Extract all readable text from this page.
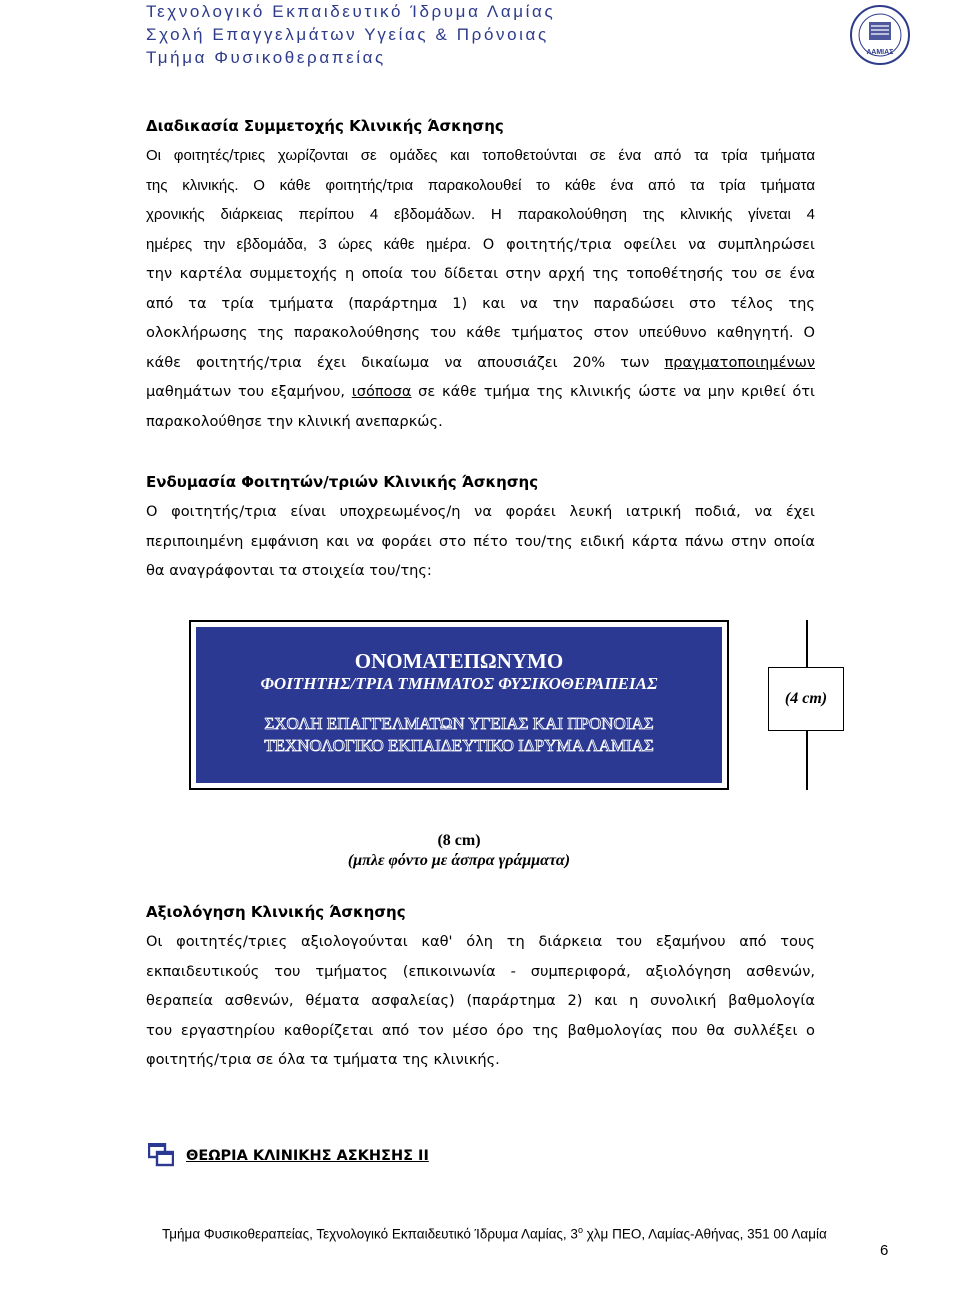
Τεχνολογικό Εκπαιδευτικό Ίδρυμα Λαμίας
Σχολή Επαγγελμάτων Υγείας & Πρόνοιας
Τμήμα Φυσικοθεραπείας	ΛΑΜΙΑΣ
Διαδικασία Συμμετοχής Κλινικής Άσκησης
Οι φοιτητές/τριες χωρίζονται σε ομάδες και τοποθετούνται σε ένα από τα τρία τμήματα
της κλινικής. Ο κάθε φοιτητής/τρια παρακολουθεί το κάθε ένα από τα τρία τμήματα
χρονικής διάρκειας περίπου 4 εβδομάδων. Η παρακολούθηση της κλινικής γίνεται 4
ημέρες την εβδομάδα, 3 ώρες κάθε ημέρα. Ο φοιτητής/τρια οφείλει να συμπληρώσει
την καρτέλα συμμετοχής η οποία του δίδεται στην αρχή της τοποθέτησής του σε ένα
από τα τρία τμήματα (παράρτημα 1) και να την παραδώσει στο τέλος της
ολοκλήρωσης της παρακολούθησης του κάθε τμήματος στον υπεύθυνο καθηγητή. Ο
κάθε φοιτητής/τρια έχει δικαίωμα να απουσιάζει 20% των πραγματοποιημένων
μαθημάτων του εξαμήνου, ισόποσα σε κάθε τμήμα της κλινικής ώστε να μην κριθεί ότι
παρακολούθησε την κλινική ανεπαρκώς.
Ενδυμασία Φοιτητών/τριών Κλινικής Άσκησης
Ο φοιτητής/τρια είναι υποχρεωμένος/η να φοράει λευκή ιατρική ποδιά, να έχει
περιποιημένη εμφάνιση και να φοράει στο πέτο του/της ειδική κάρτα πάνω στην οποία
θα αναγράφονται τα στοιχεία του/της:
ΟΝΟΜΑΤΕΠΩΝΥΜΟ
ΦΟΙΤΗΤΗΣ/ΤΡΙΑ ΤΜΗΜΑΤΟΣ ΦΥΣΙΚΟΘΕΡΑΠΕΙΑΣ
ΣΧΟΛΗ ΕΠΑΓΓΕΛΜΑΤΩΝ ΥΓΕΙΑΣ ΚΑΙ ΠΡΟΝΟΙΑΣ
ΤΕΧΝΟΛΟΓΙΚΟ ΕΚΠΑΙΔΕΥΤΙΚΟ ΙΔΡΥΜΑ ΛΑΜΙΑΣ
(4 cm)
(8 cm)
(μπλε φόντο με άσπρα γράμματα)
Αξιολόγηση Κλινικής Άσκησης
Οι φοιτητές/τριες αξιολογούνται καθ' όλη τη διάρκεια του εξαμήνου από τους
εκπαιδευτικούς του τμήματος (επικοινωνία - συμπεριφορά, αξιολόγηση ασθενών,
θεραπεία ασθενών, θέματα ασφαλείας) (παράρτημα 2) και η συνολική βαθμολογία
του εργαστηρίου καθορίζεται από τον μέσο όρο της βαθμολογίας που θα συλλέξει ο
φοιτητής/τρια σε όλα τα τμήματα της κλινικής.
ΘΕΩΡΙΑ ΚΛΙΝΙΚΗΣ ΑΣΚΗΣΗΣ ΙΙ
Τμήμα Φυσικοθεραπείας, Τεχνολογικό Εκπαιδευτικό Ίδρυμα Λαμίας, $3^o$ χλμ ΠΕΟ, Λαμίας-Αθήνας, 351 00 Λαμία
6
